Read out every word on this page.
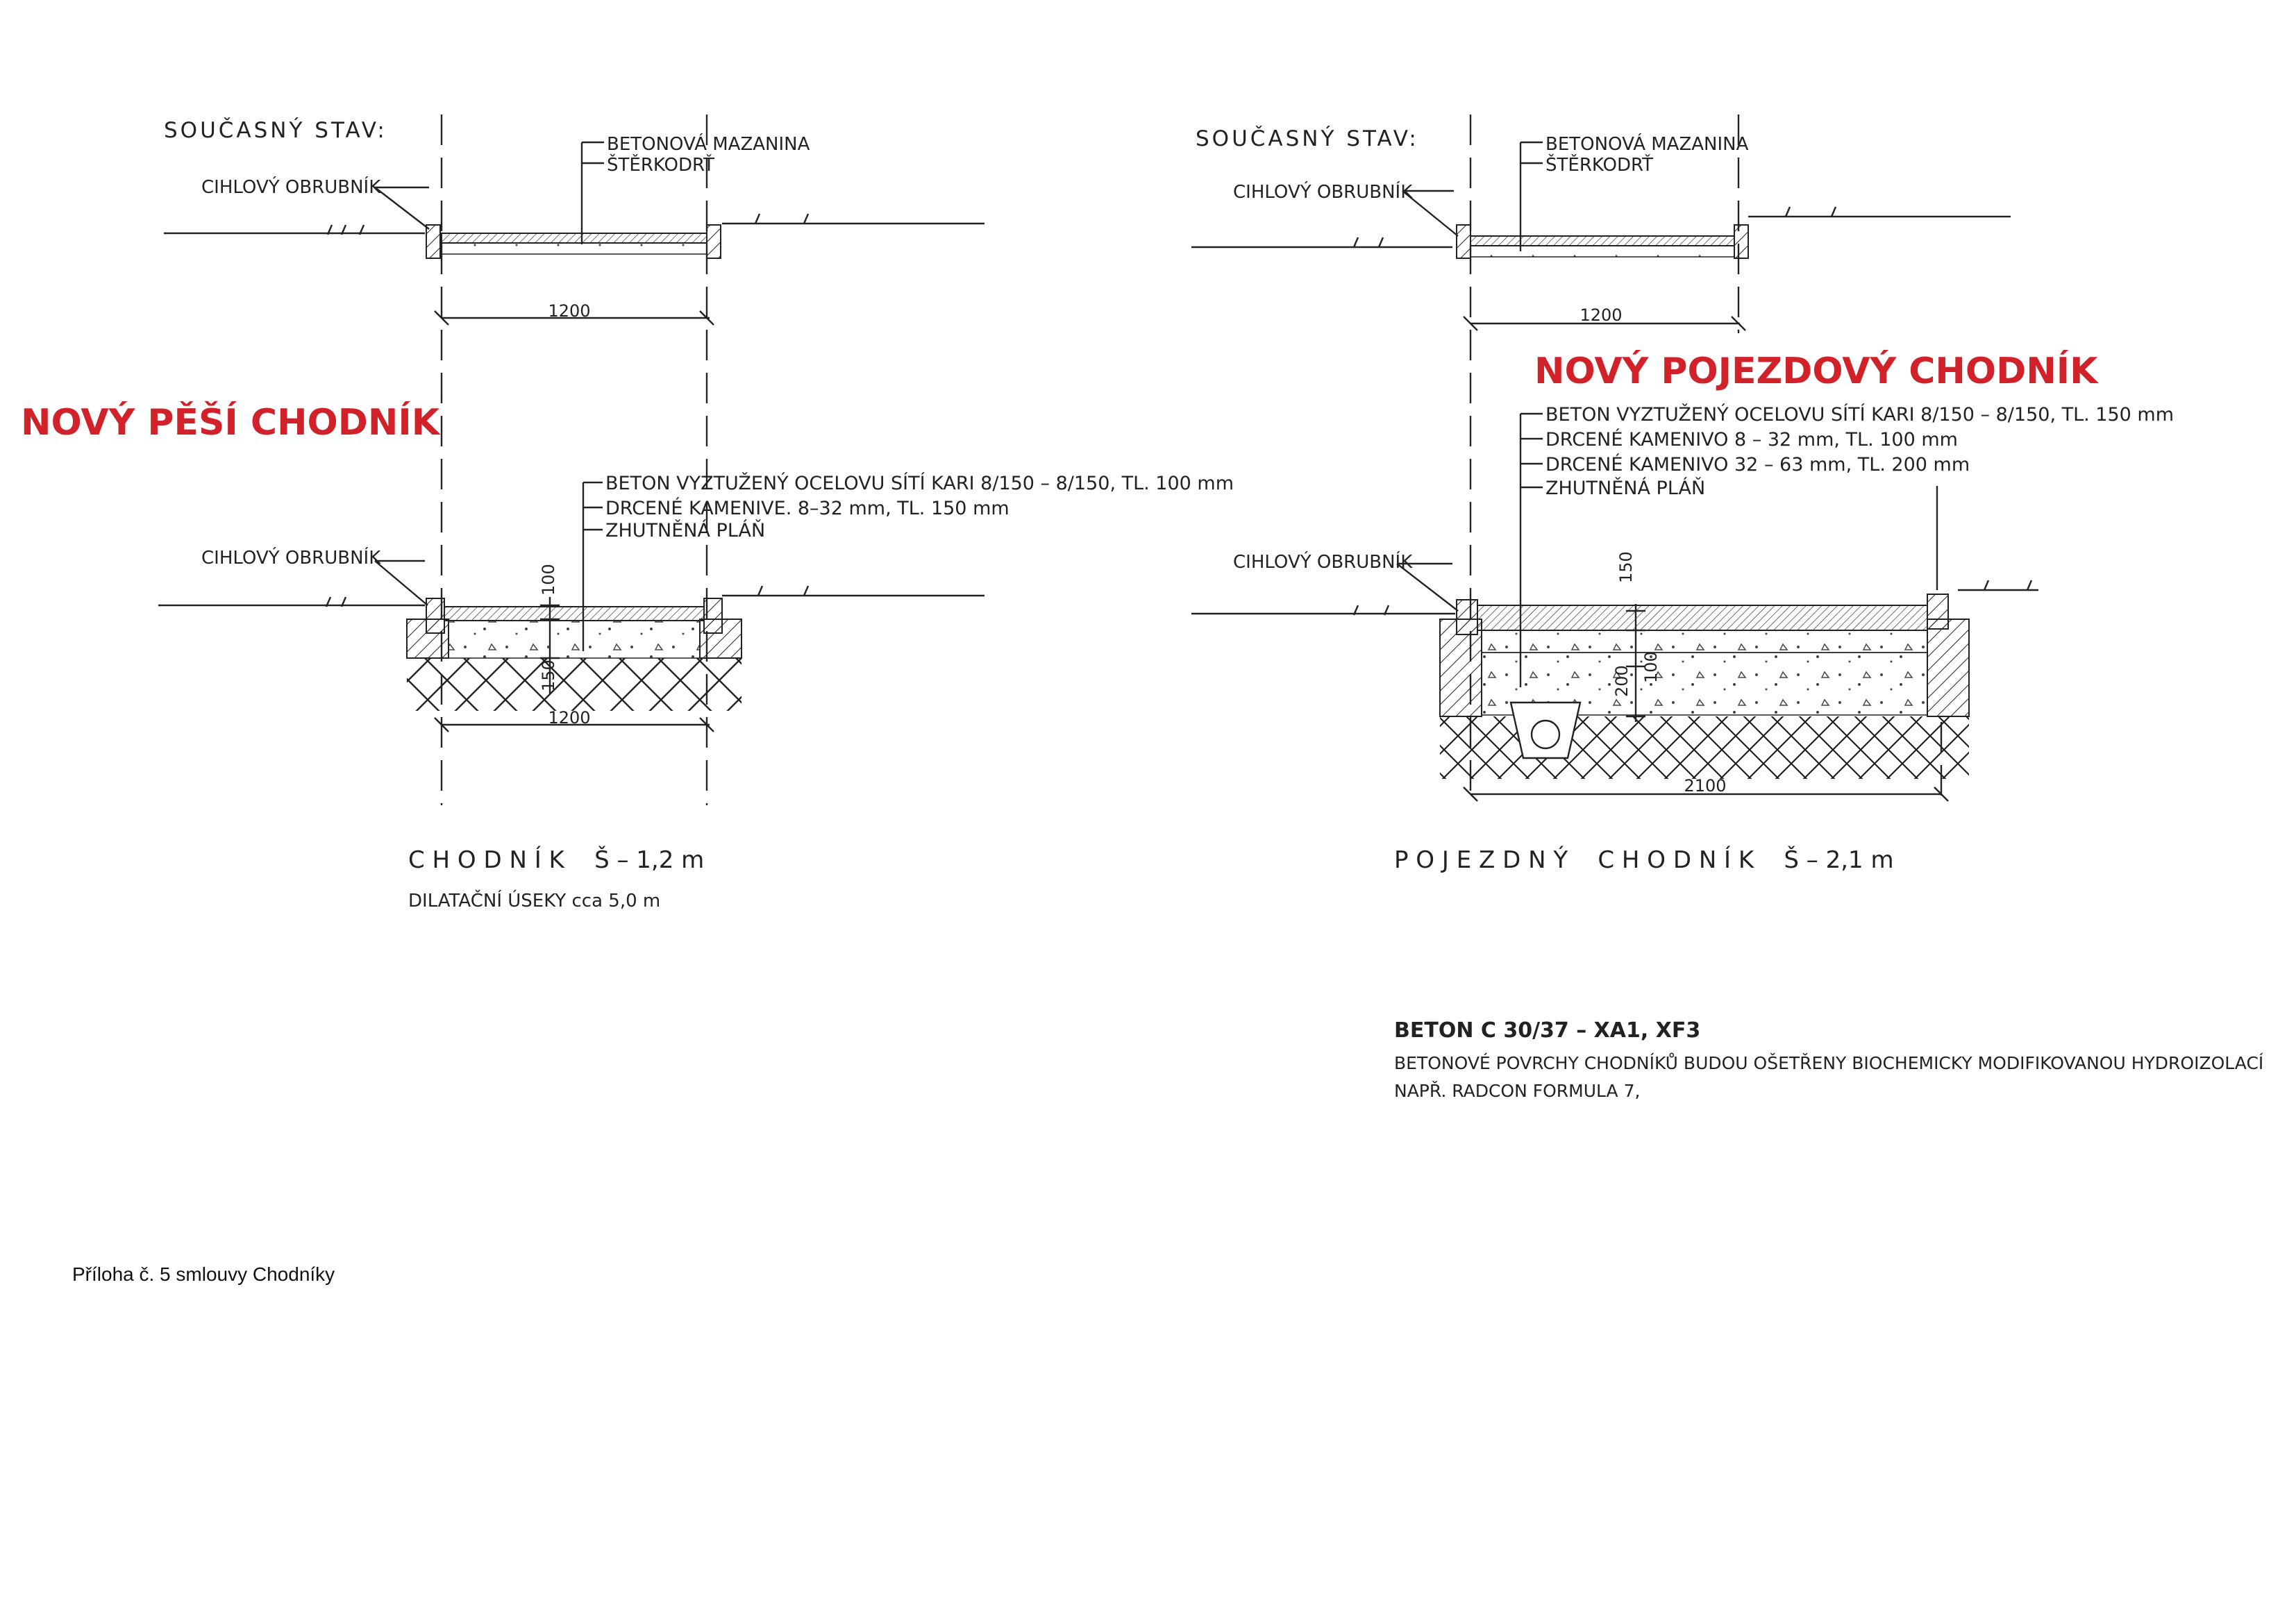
SOUČASNÝ STAV:
CIHLOVÝ OBRUBNÍK
BETONOVÁ MAZANINA
ŠTĚRKODRŤ
1200
NOVÝ PĚŠÍ CHODNÍK
BETON VYZTUŽENÝ OCELOVU SÍTÍ KARI 8/150 – 8/150, TL. 100 mm
DRCENÉ KAMENIVE. 8–32 mm, TL. 150 mm
ZHUTNĚNÁ PLÁŇ
CIHLOVÝ OBRUBNÍK
100
150
1200
C H O D N Í K    Š – 1,2 m
DILATAČNÍ ÚSEKY cca 5,0 m
SOUČASNÝ STAV:
CIHLOVÝ OBRUBNÍK
BETONOVÁ MAZANINA
ŠTĚRKODRŤ
1200
NOVÝ POJEZDOVÝ CHODNÍK
BETON VYZTUŽENÝ OCELOVU SÍTÍ KARI 8/150 – 8/150, TL. 150 mm
DRCENÉ KAMENIVO 8 – 32 mm, TL. 100 mm
DRCENÉ KAMENIVO 32 – 63 mm, TL. 200 mm
ZHUTNĚNÁ PLÁŇ
CIHLOVÝ OBRUBNÍK	150
200 100
2100
P O J E Z D N Ý    C H O D N Í K    Š – 2,1 m
BETON C 30/37 – XA1, XF3
BETONOVÉ POVRCHY CHODNÍKŮ BUDOU OŠETŘENY BIOCHEMICKY MODIFIKOVANOU HYDROIZOLACÍ
NAPŘ. RADCON FORMULA 7,
Příloha č. 5 smlouvy Chodníky
